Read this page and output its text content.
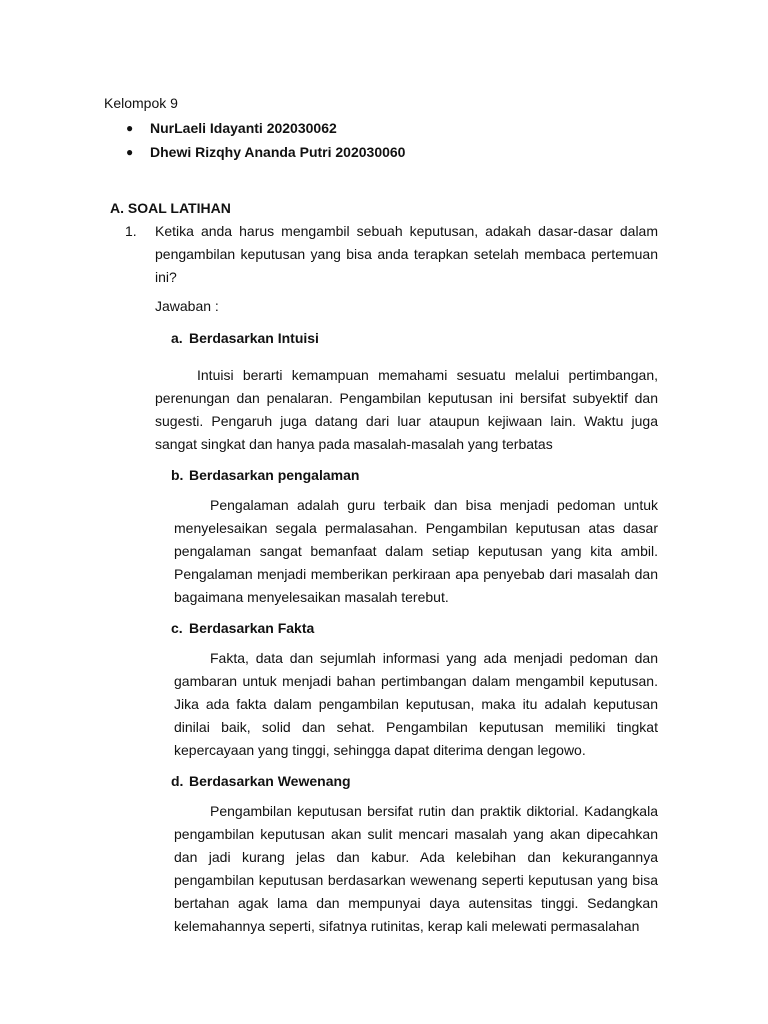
Kelompok 9
● NurLaeli Idayanti 202030062
● Dhewi Rizqhy Ananda Putri 202030060
A. SOAL LATIHAN
1. Ketika anda harus mengambil sebuah keputusan, adakah dasar-dasar dalam pengambilan keputusan yang bisa anda terapkan setelah membaca pertemuan ini?
Jawaban :
a. Berdasarkan Intuisi
Intuisi berarti kemampuan memahami sesuatu melalui pertimbangan, perenungan dan penalaran. Pengambilan keputusan ini bersifat subyektif dan sugesti. Pengaruh juga datang dari luar ataupun kejiwaan lain. Waktu juga sangat singkat dan hanya pada masalah-masalah yang terbatas
b. Berdasarkan pengalaman
Pengalaman adalah guru terbaik dan bisa menjadi pedoman untuk menyelesaikan segala permalasahan. Pengambilan keputusan atas dasar pengalaman sangat bemanfaat dalam setiap keputusan yang kita ambil. Pengalaman menjadi memberikan perkiraan apa penyebab dari masalah dan bagaimana menyelesaikan masalah terebut.
c. Berdasarkan Fakta
Fakta, data dan sejumlah informasi yang ada menjadi pedoman dan gambaran untuk menjadi bahan pertimbangan dalam mengambil keputusan. Jika ada fakta dalam pengambilan keputusan, maka itu adalah keputusan dinilai baik, solid dan sehat. Pengambilan keputusan memiliki tingkat kepercayaan yang tinggi, sehingga dapat diterima dengan legowo.
d. Berdasarkan Wewenang
Pengambilan keputusan bersifat rutin dan praktik diktorial. Kadangkala pengambilan keputusan akan sulit mencari masalah yang akan dipecahkan dan jadi kurang jelas dan kabur. Ada kelebihan dan kekurangannya pengambilan keputusan berdasarkan wewenang seperti keputusan yang bisa bertahan agak lama dan mempunyai daya autensitas tinggi. Sedangkan kelemahannya seperti, sifatnya rutinitas, kerap kali melewati permasalahan
